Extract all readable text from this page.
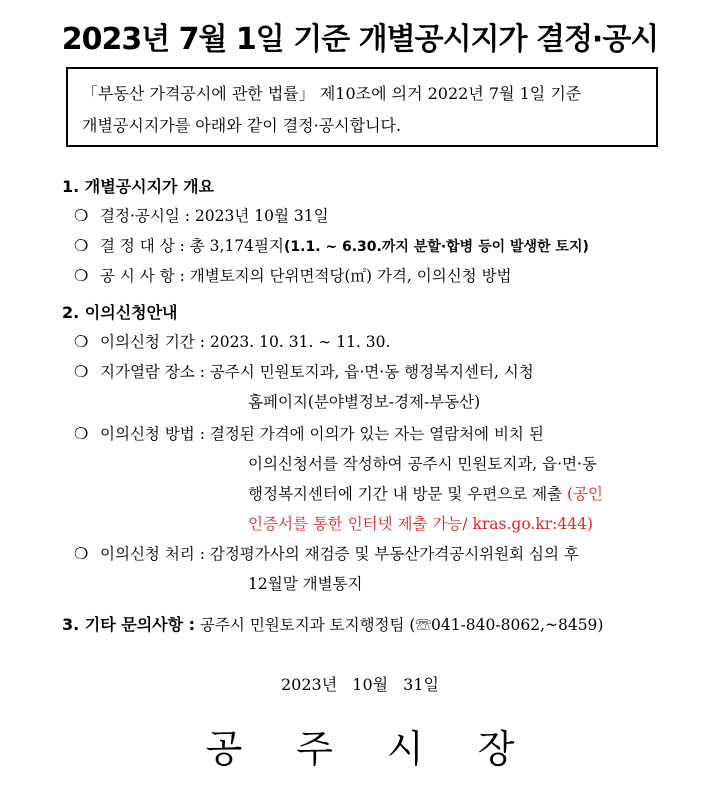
2023년 7월 1일 기준 개별공시지가 결정·공시
「부동산 가격공시에 관한 법률」 제10조에 의거 2022년 7월 1일 기준
개별공시지가를 아래와 같이 결정·공시합니다.
1. 개별공시지가 개요
❍ 결정·공시일 : 2023년 10월 31일
❍ 결 정 대 상 : 총 3,174필지(1.1. ~ 6.30.까지 분할·합병 등이 발생한 토지)
❍ 공 시 사 항 : 개별토지의 단위면적당(㎡) 가격, 이의신청 방법
2. 이의신청안내
❍ 이의신청 기간 : 2023. 10. 31. ∼ 11. 30.
❍ 지가열람 장소 : 공주시 민원토지과, 읍·면·동 행정복지센터, 시청
홈페이지(분야별정보-경제-부동산)
❍ 이의신청 방법 : 결정된 가격에 이의가 있는 자는 열람처에 비치 된
이의신청서를 작성하여 공주시 민원토지과, 읍·면·동
행정복지센터에 기간 내 방문 및 우편으로 제출 (공인
인증서를 통한 인터넷 제출 가능/ kras.go.kr:444)
❍ 이의신청 처리 : 감정평가사의 재검증 및 부동산가격공시위원회 심의 후
12월말 개별통지
3. 기타 문의사항 : 공주시 민원토지과 토지행정팀 (☏041-840-8062,~8459)
2023년 10월 31일
공주시장
